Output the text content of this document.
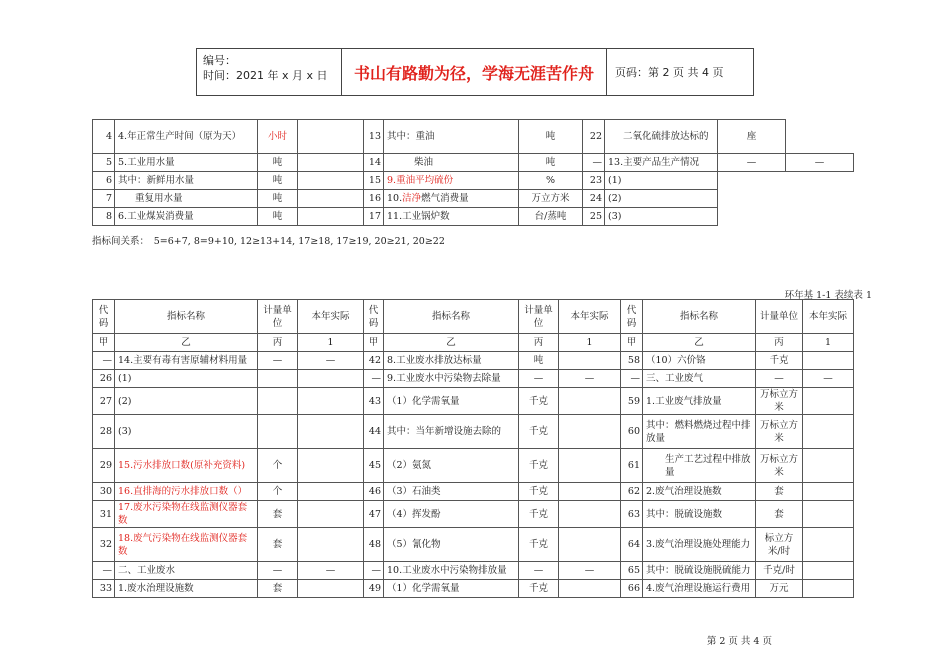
编号：
时间：2021 年 x 月 x 日	书山有路勤为径，学海无涯苦作舟	页码：第 2 页 共 4 页
4	4.年正常生产时间（原为天）	小时		13	其中：重油	吨	22	二氧化硫排放达标的	座	
5	5.工业用水量	吨		14	柴油	吨	—	13.主要产品生产情况	—	—
6	其中：新鲜用水量	吨		15	9.重油平均硫份	%	23	(1)		
7	重复用水量	吨		16	10.洁净燃气消费量	万立方米	24	(2)		
8	6.工业煤炭消费量	吨		17	11.工业锅炉数	台/蒸吨	25	(3)		
指标间关系：　5=6+7, 8=9+10, 12≥13+14, 17≥18, 17≥19, 20≥21, 20≥22
环年基 1-1 表续表 1
代码	指标名称	计量单位	本年实际	代码	指标名称	计量单位	本年实际	代码	指标名称	计量单位	本年实际
甲	乙	丙	1	甲	乙	丙	1	甲	乙	丙	1
—	14.主要有毒有害原辅材料用量	—	—	42	8.工业废水排放达标量	吨		58	（10）六价铬	千克	
26	(1)			—	9.工业废水中污染物去除量	—	—	—	三、工业废气	—	—
27	(2)			43	（1）化学需氧量	千克		59	1.工业废气排放量	万标立方米	
28	(3)			44	其中：当年新增设施去除的	千克		60	其中：燃料燃烧过程中排放量	万标立方米	
29	15.污水排放口数(原补充资料)	个		45	（2）氨氮	千克		61	生产工艺过程中排放量	万标立方米	
30	16.直排海的污水排放口数（）	个		46	（3）石油类	千克		62	2.废气治理设施数	套	
31	17.废水污染物在线监测仪器套数	套		47	（4）挥发酚	千克		63	其中：脱硫设施数	套	
32	18.废气污染物在线监测仪器套数	套		48	（5）氰化物	千克		64	3.废气治理设施处理能力	标立方米/时	
—	二、工业废水	—	—	—	10.工业废水中污染物排放量	—	—	65	其中：脱硫设施脱硫能力	千克/时	
33	1.废水治理设施数	套		49	（1）化学需氧量	千克		66	4.废气治理设施运行费用	万元	
第 2 页 共 4 页
